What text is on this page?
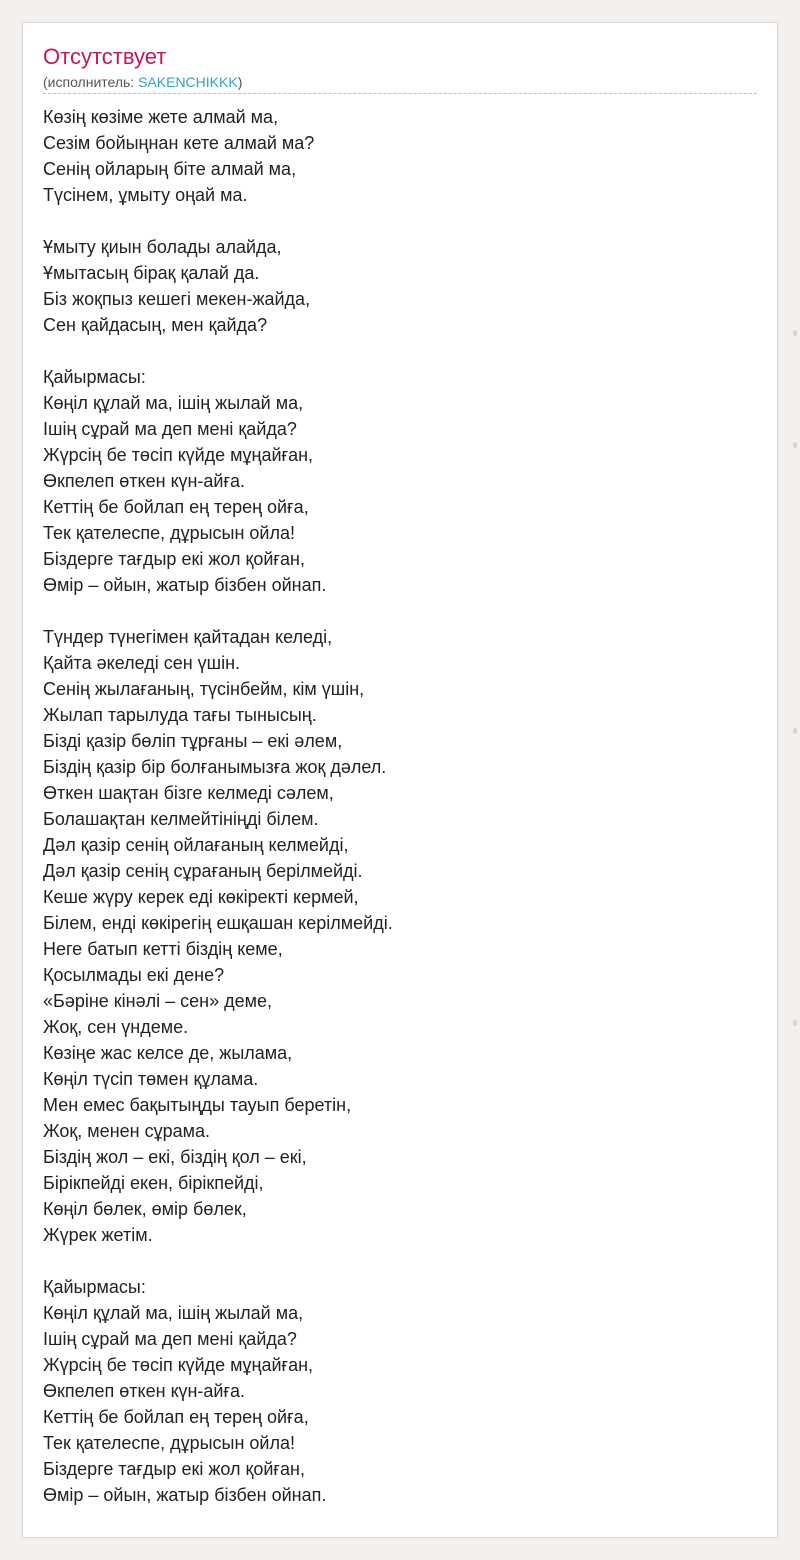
Отсутствует
(исполнитель: SAKENCHIKKK)
Көзің көзіме жете алмай ма,
Сезім бойыңнан кете алмай ма?
Сенің ойларың біте алмай ма,
Түсінем, ұмыту оңай ма.
Ұмыту қиын болады алайда,
Ұмытасың бірақ қалай да.
Біз жоқпыз кешегі мекен-жайда,
Сен қайдасың, мен қайда?
Қайырмасы:
Көңіл құлай ма, ішің жылай ма,
Ішің сұрай ма деп мені қайда?
Жүрсің бе төсіп күйде мұңайған,
Өкпелеп өткен күн-айға.
Кеттің бе бойлап ең терең ойға,
Тек қателеспе, дұрысын ойла!
Біздерге тағдыр екі жол қойған,
Өмір – ойын, жатыр бізбен ойнап.
Түндер түнегімен қайтадан келеді,
Қайта әкеледі сен үшін.
Сенің жылағаның, түсінбейм, кім үшін,
Жылап тарылуда тағы тынысың.
Бізді қазір бөліп тұрғаны – екі әлем,
Біздің қазір бір болғанымызға жоқ дәлел.
Өткен шақтан бізге келмеді сәлем,
Болашақтан келмейтініңді білем.
Дәл қазір сенің ойлағаның келмейді,
Дәл қазір сенің сұрағаның берілмейді.
Кеше жүру керек еді көкіректі кермей,
Білем, енді көкірегің ешқашан керілмейді.
Неге батып кетті біздің кеме,
Қосылмады екі дене?
«Бәріне кінәлі – сен» деме,
Жоқ, сен үндеме.
Көзіңе жас келсе де, жылама,
Көңіл түсіп төмен құлама.
Мен емес бақытыңды тауып беретін,
Жоқ, менен сұрама.
Біздің жол – екі, біздің қол – екі,
Бірікпейді екен, бірікпейді,
Көңіл бөлек, өмір бөлек,
Жүрек жетім.
Қайырмасы:
Көңіл құлай ма, ішің жылай ма,
Ішің сұрай ма деп мені қайда?
Жүрсің бе төсіп күйде мұңайған,
Өкпелеп өткен күн-айға.
Кеттің бе бойлап ең терең ойға,
Тек қателеспе, дұрысын ойла!
Біздерге тағдыр екі жол қойған,
Өмір – ойын, жатыр бізбен ойнап.
